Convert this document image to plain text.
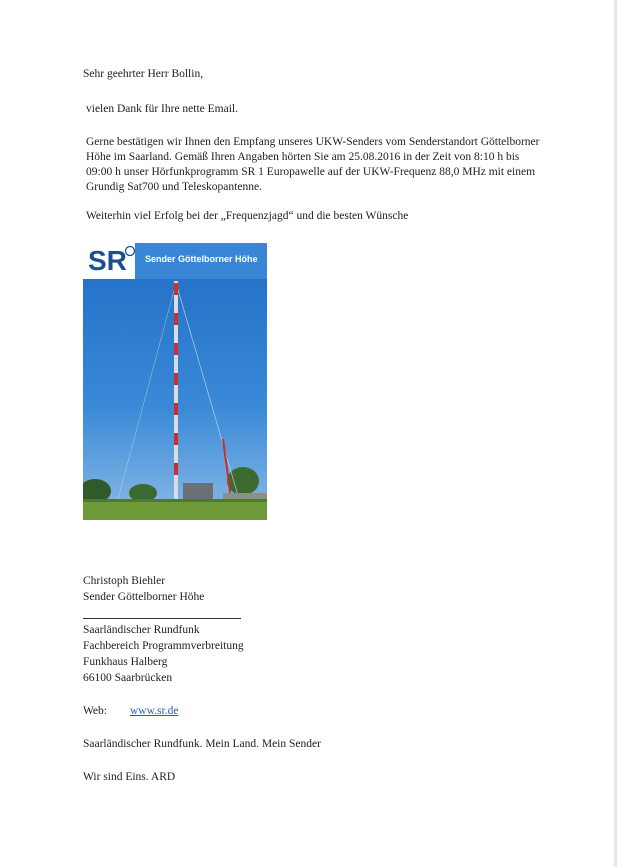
Sehr geehrter Herr Bollin,
vielen Dank für Ihre nette Email.
Gerne bestätigen wir Ihnen den Empfang unseres UKW-Senders vom Senderstandort Göttelborner Höhe im Saarland. Gemäß Ihren Angaben hörten Sie am 25.08.2016 in der Zeit von 8:10 h bis 09:00 h unser Hörfunkprogramm SR 1 Europawelle auf der UKW-Frequenz 88,0 MHz mit einem Grundig Sat700 und Teleskopantenne.
Weiterhin viel Erfolg bei der „Frequenzjagd“ und die besten Wünsche
SR Sender Göttelborner Höhe
Christoph Biehler
Sender Göttelborner Höhe
Saarländischer Rundfunk
Fachbereich Programmverbreitung
Funkhaus Halberg
66100 Saarbrücken
Web: www.sr.de
Saarländischer Rundfunk. Mein Land. Mein Sender
Wir sind Eins. ARD
